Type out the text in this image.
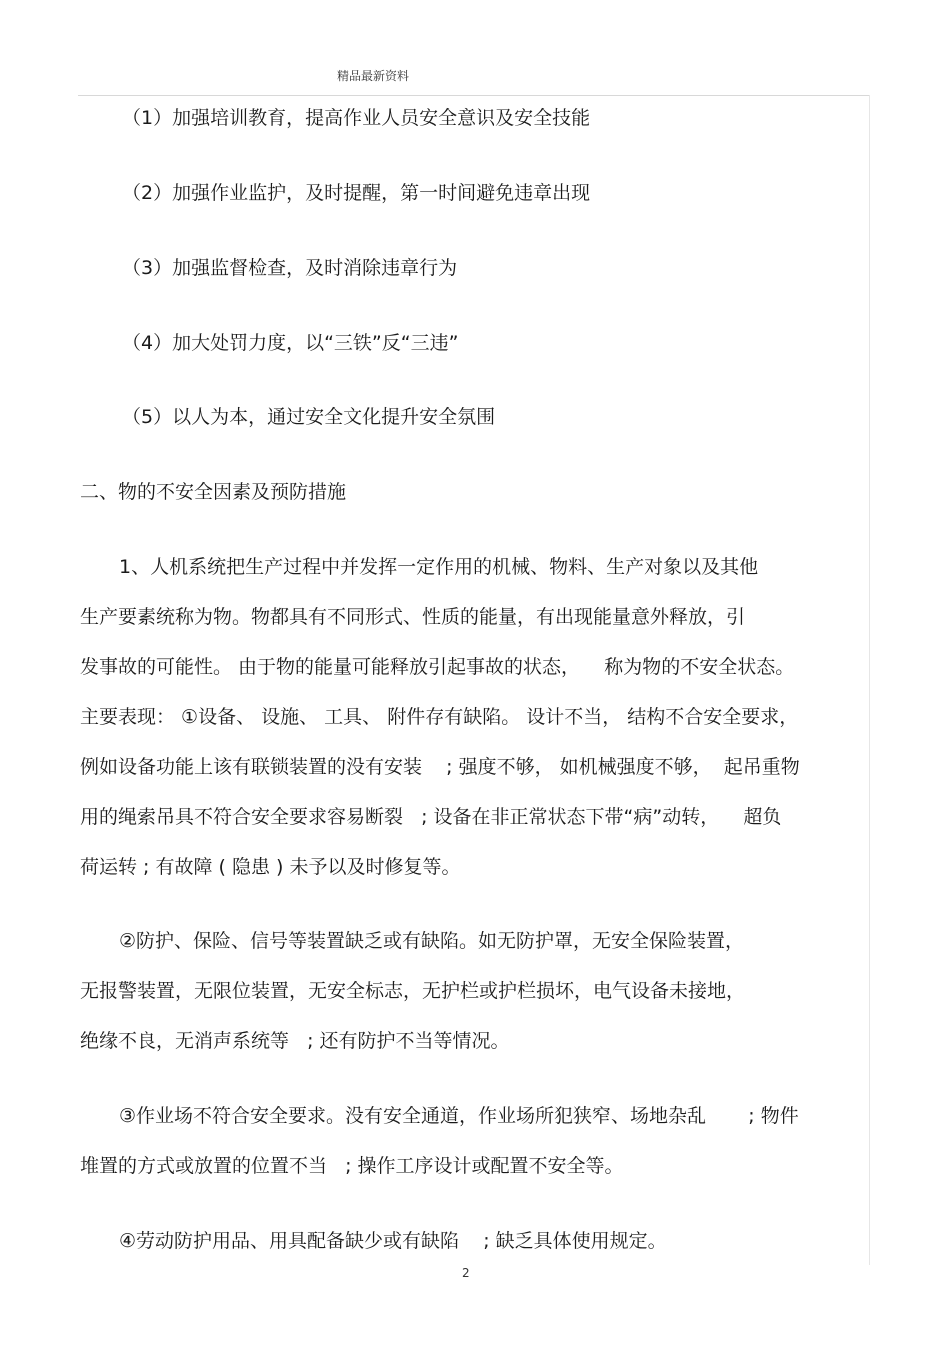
精品最新资料
（1）加强培训教育，提高作业人员安全意识及安全技能
（2）加强作业监护，及时提醒，第一时间避免违章出现
（3）加强监督检查，及时消除违章行为
（4）加大处罚力度，以“三铁”反“三违”
（5）以人为本，通过安全文化提升安全氛围
二、物的不安全因素及预防措施
1、人机系统把生产过程中并发挥一定作用的机械、物料、生产对象以及其他
生产要素统称为物。物都具有不同形式、性质的能量，有出现能量意外释放，引
发事故的可能性。 由于物的能量可能释放引起事故的状态，    称为物的不安全状态。
主要表现： ①设备、 设施、 工具、 附件存有缺陷。 设计不当， 结构不合安全要求，
例如设备功能上该有联锁装置的没有安装    ; 强度不够， 如机械强度不够，  起吊重物
用的绳索吊具不符合安全要求容易断裂   ; 设备在非正常状态下带“病”动转，    超负
荷运转 ; 有故障 ( 隐患 ) 未予以及时修复等。
②防护、保险、信号等装置缺乏或有缺陷。如无防护罩，无安全保险装置，
无报警装置，无限位装置，无安全标志，无护栏或护栏损坏，电气设备未接地，
绝缘不良，无消声系统等   ; 还有防护不当等情况。
③作业场不符合安全要求。没有安全通道，作业场所犯狭窄、场地杂乱       ; 物件
堆置的方式或放置的位置不当   ; 操作工序设计或配置不安全等。
④劳动防护用品、用具配备缺少或有缺陷    ; 缺乏具体使用规定。
2
